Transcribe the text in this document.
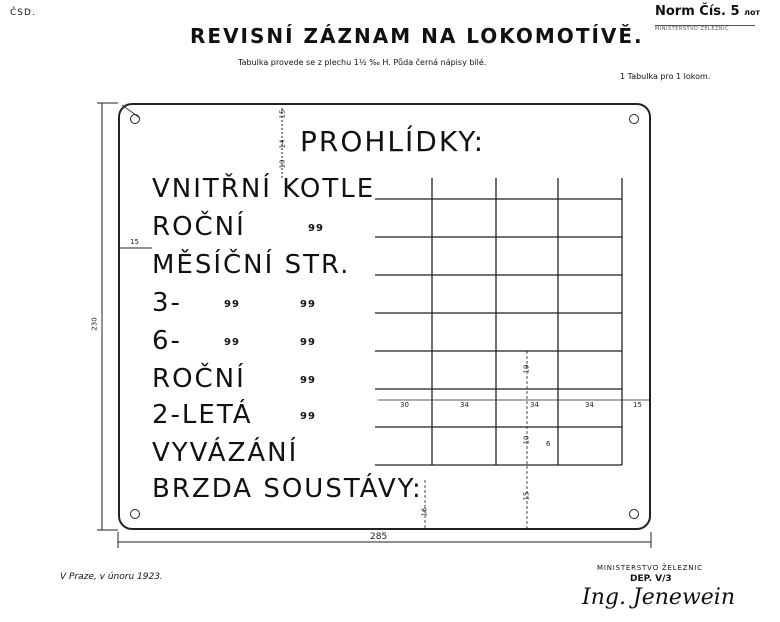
ČSD.	Norm Čís. 5 лот
MINISTERSTVO ŽELEZNIC
REVISNÍ ZÁZNAM NA LOKOMOTÍVĚ.
Tabulka provede se z plechu 1½ ‰ H. Půda černá nápisy bílé.
1 Tabulka pro 1 lokom.
PROHLÍDKY:
VNITŘNÍ KOTLE
ROČNÍ	99
MĚSÍČNÍ STR.
3-	99	99
6-	99	99
ROČNÍ	99
2-LETÁ	99
VYVÁZÁNÍ
BRZDA SOUSTÁVY:
230
285
15
15
14
10
30	34	34	34	15
19
16
15
10 6
V Praze, v únoru 1923.
MINISTERSTVO ŽELEZNIC
DEP. V/3
Ing. Jenewein
